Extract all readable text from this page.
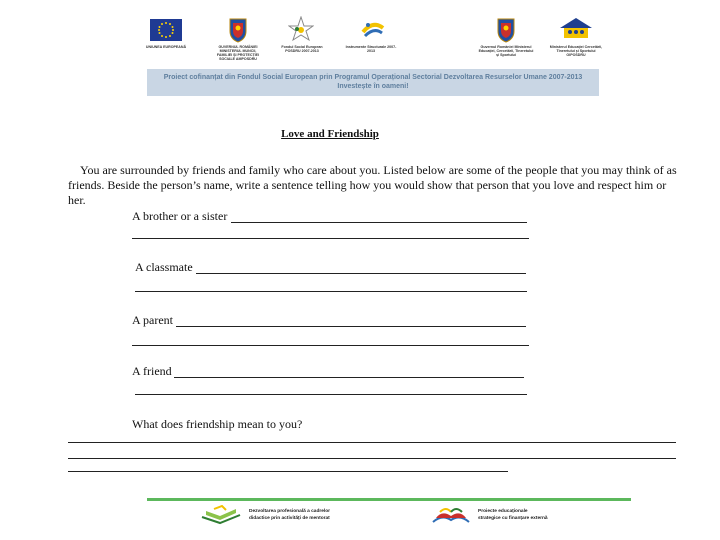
UNIUNEA EUROPEANĂ	GUVERNUL ROMÂNIEI MINISTERUL MUNCII, FAMILIEI ȘI PROTECȚIEI SOCIALE AMPOSDRU
Fondul Social European POSDRU 2007-2013
Instrumente Structurale 2007-2013
Guvernul României Ministerul Educației, Cercetării, Tineretului și Sportului
Ministerul Educației Cercetării, Tineretului și Sportului OIPOSDRU
Proiect cofinanțat din Fondul Social European prin Programul Operațional Sectorial Dezvoltarea Resurselor Umane 2007-2013
Investește în oameni!
Love and Friendship
You are surrounded by friends and family who care about you. Listed below are some of the people that you may think of as friends. Beside the person’s name, write a sentence telling how you would show that person that you love and respect him or her.
A brother or a sister
A classmate
A parent
A friend
What does friendship mean to you?
Dezvoltarea profesională a cadrelor
didactice prin activități de mentorat
Proiecte educaționale
strategice cu finanțare externă
